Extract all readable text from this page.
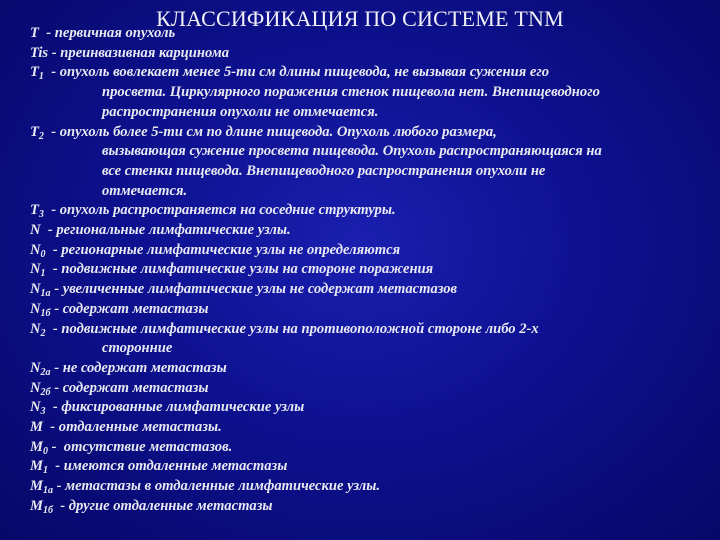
КЛАССИФИКАЦИЯ ПО СИСТЕМЕ TNM
T  - первичная опухоль
Tis - преинвазивная карцинома
$T_1$  - опухоль вовлекает менее 5-ти см длины пищевода, не вызывая сужения его
просвета. Циркулярного поражения стенок пищевола нет. Внепищеводного
распространения опухоли не отмечается.
$T_2$  - опухоль более 5-ти см по длине пищевода. Опухоль любого размера,
вызывающая сужение просвета пищевода. Опухоль распространяющаяся на
все стенки пищевода. Внепищеводного распространения опухоли не
отмечается.
$T_3$  - опухоль распространяется на соседние структуры.
N  - региональные лимфатические узлы.
$N_0$  - регионарные лимфатические узлы не определяются
$N_1$  - подвижные лимфатические узлы на стороне поражения
$N_{1a}$ - увеличенные лимфатические узлы не содержат метастазов
$N_{1б}$ - содержат метастазы
$N_2$  - подвижные лимфатические узлы на противоположной стороне либо 2-х
сторонние
$N_{2a}$ - не содержат метастазы
$N_{2б}$ - содержат метастазы
$N_3$  - фиксированные лимфатические узлы
M  - отдаленные метастазы.
$M_0$ -  отсутствие метастазов.
$M_1$  - имеются отдаленные метастазы
$M_{1a}$ - метастазы в отдаленные лимфатические узлы.
$M_{1б}$  - другие отдаленные метастазы
